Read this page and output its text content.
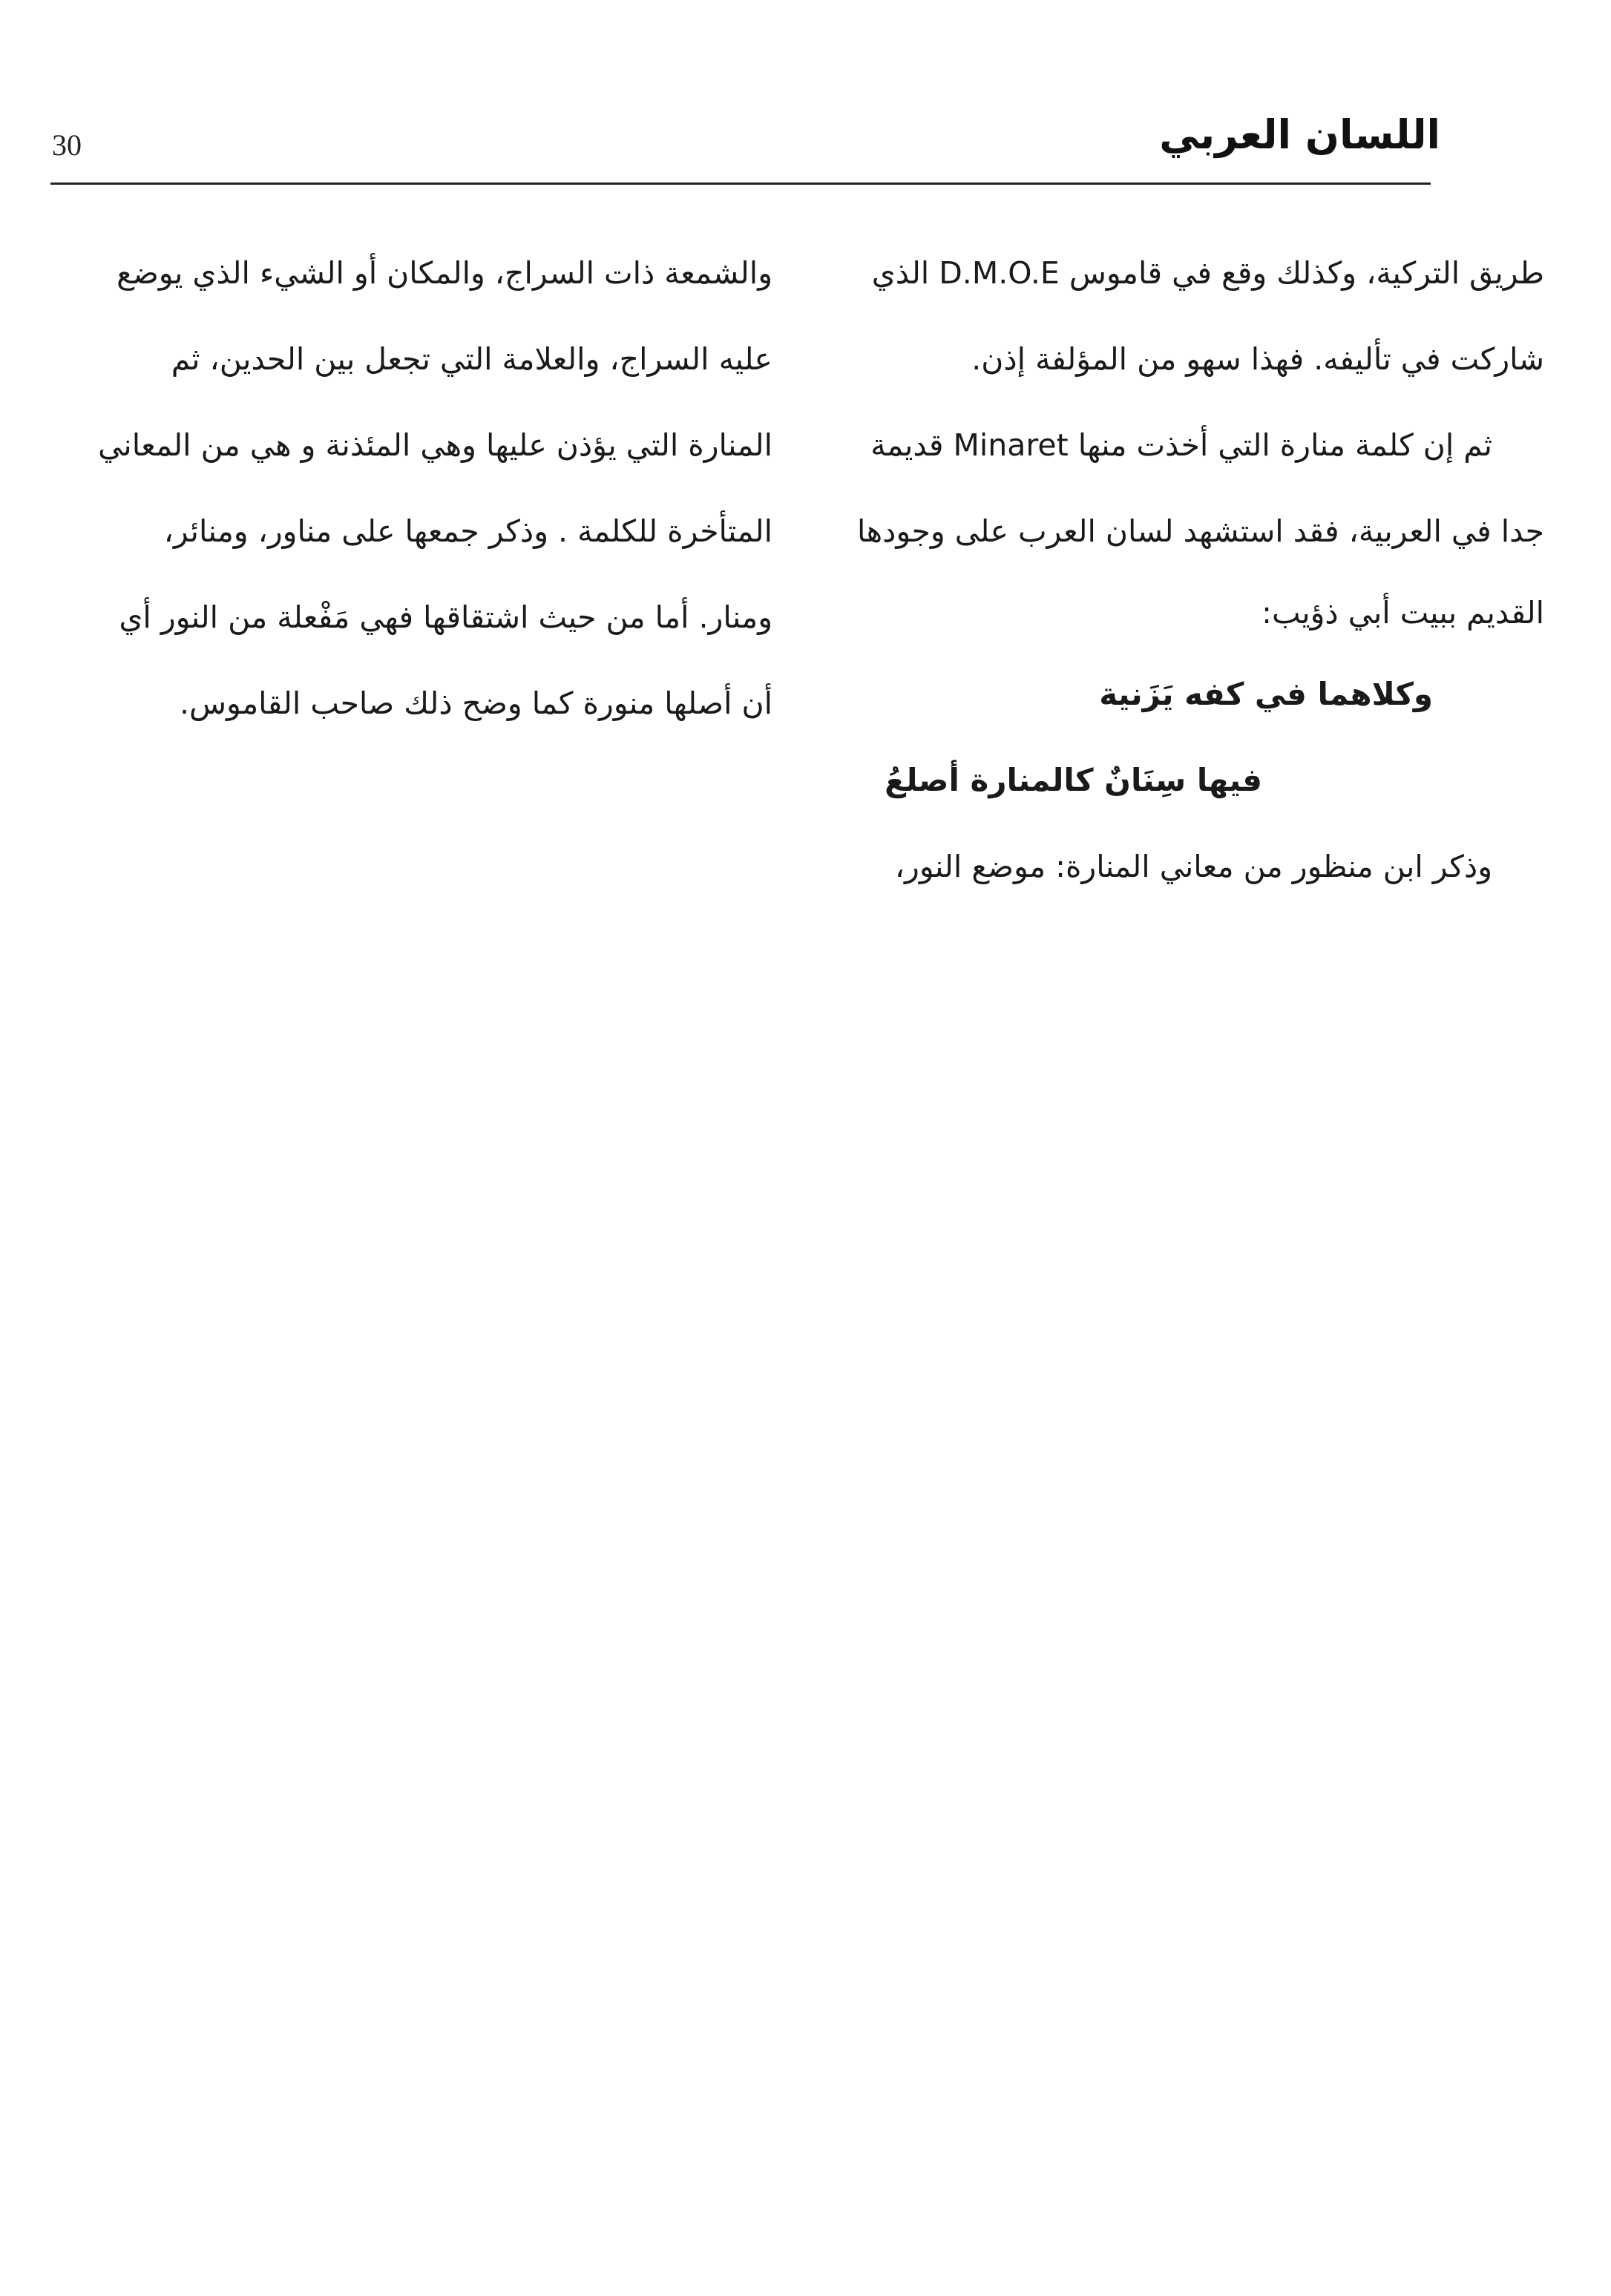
30	اللسان العربي

طريق التركية، وكذلك وقع في قاموس D.M.O.E الذي

شاركت في تأليفه. فهذا سهو من المؤلفة إذن.

ثم إن كلمة منارة التي أخذت منها Minaret قديمة

جدا في العربية، فقد استشهد لسان العرب على وجودها

القديم ببيت أبي ذؤيب:

وكلاهما في كفه يَزَنية

فيها سِنَانٌ كالمنارة أصلعُ

وذكر ابن منظور من معاني المنارة: موضع النور،

والشمعة ذات السراج، والمكان أو الشيء الذي يوضع

عليه السراج، والعلامة التي تجعل بين الحدين، ثم

المنارة التي يؤذن عليها وهي المئذنة و هي من المعاني

المتأخرة للكلمة . وذكر جمعها على مناور، ومنائر،

ومنار. أما من حيث اشتقاقها فهي مَفْعلة من النور أي

أن أصلها منورة كما وضح ذلك صاحب القاموس.
